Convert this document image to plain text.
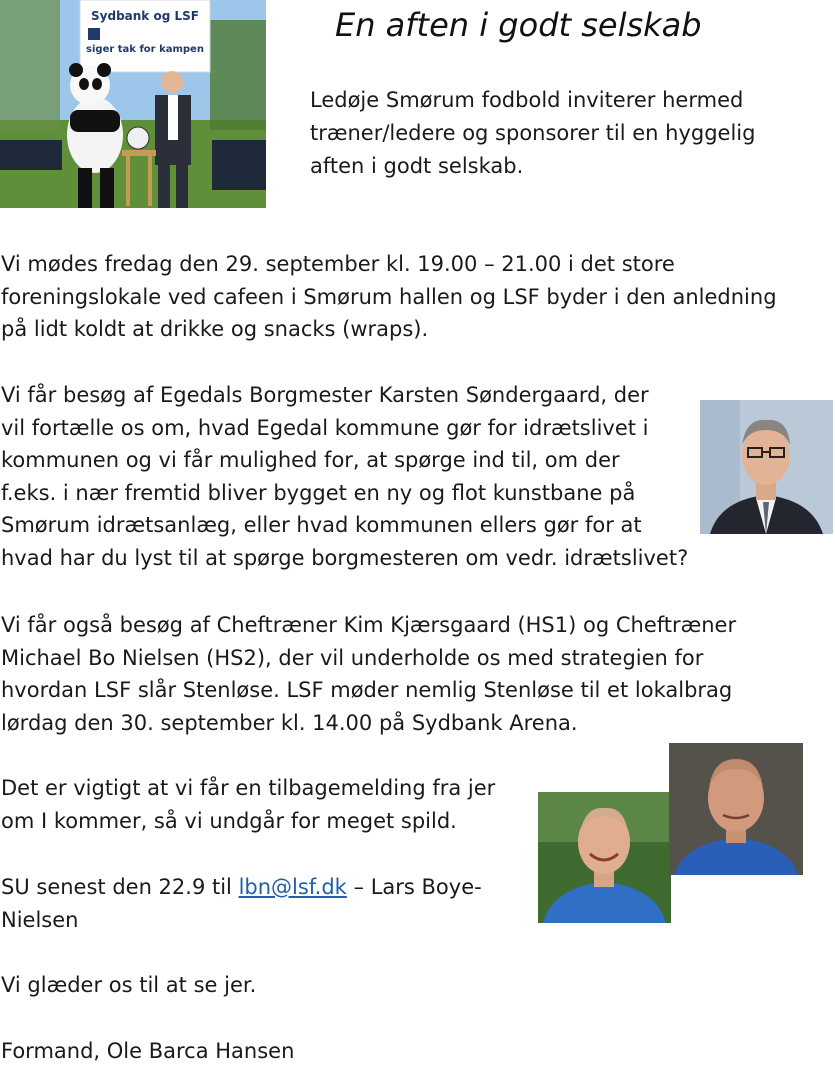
En aften i godt selskab
Sydbank og LSF
siger tak for kampen
Ledøje Smørum fodbold inviterer hermed
træner/ledere og sponsorer til en hyggelig
aften i godt selskab.
Vi mødes fredag den 29. september kl. 19.00 – 21.00 i det store
foreningslokale ved cafeen i Smørum hallen og LSF byder i den anledning
på lidt koldt at drikke og snacks (wraps).
Vi får besøg af Egedals Borgmester Karsten Søndergaard, der
vil fortælle os om, hvad Egedal kommune gør for idrætslivet i
kommunen og vi får mulighed for, at spørge ind til, om der
f.eks. i nær fremtid bliver bygget en ny og flot kunstbane på
Smørum idrætsanlæg, eller hvad kommunen ellers gør for at
hvad har du lyst til at spørge borgmesteren om vedr. idrætslivet?
Vi får også besøg af Cheftræner Kim Kjærsgaard (HS1) og Cheftræner
Michael Bo Nielsen (HS2), der vil underholde os med strategien for
hvordan LSF slår Stenløse. LSF møder nemlig Stenløse til et lokalbrag
lørdag den 30. september kl. 14.00 på Sydbank Arena.
Det er vigtigt at vi får en tilbagemelding fra jer
om I kommer, så vi undgår for meget spild.
SU senest den 22.9 til lbn@lsf.dk – Lars Boye-
Nielsen
Vi glæder os til at se jer.
Formand, Ole Barca Hansen
